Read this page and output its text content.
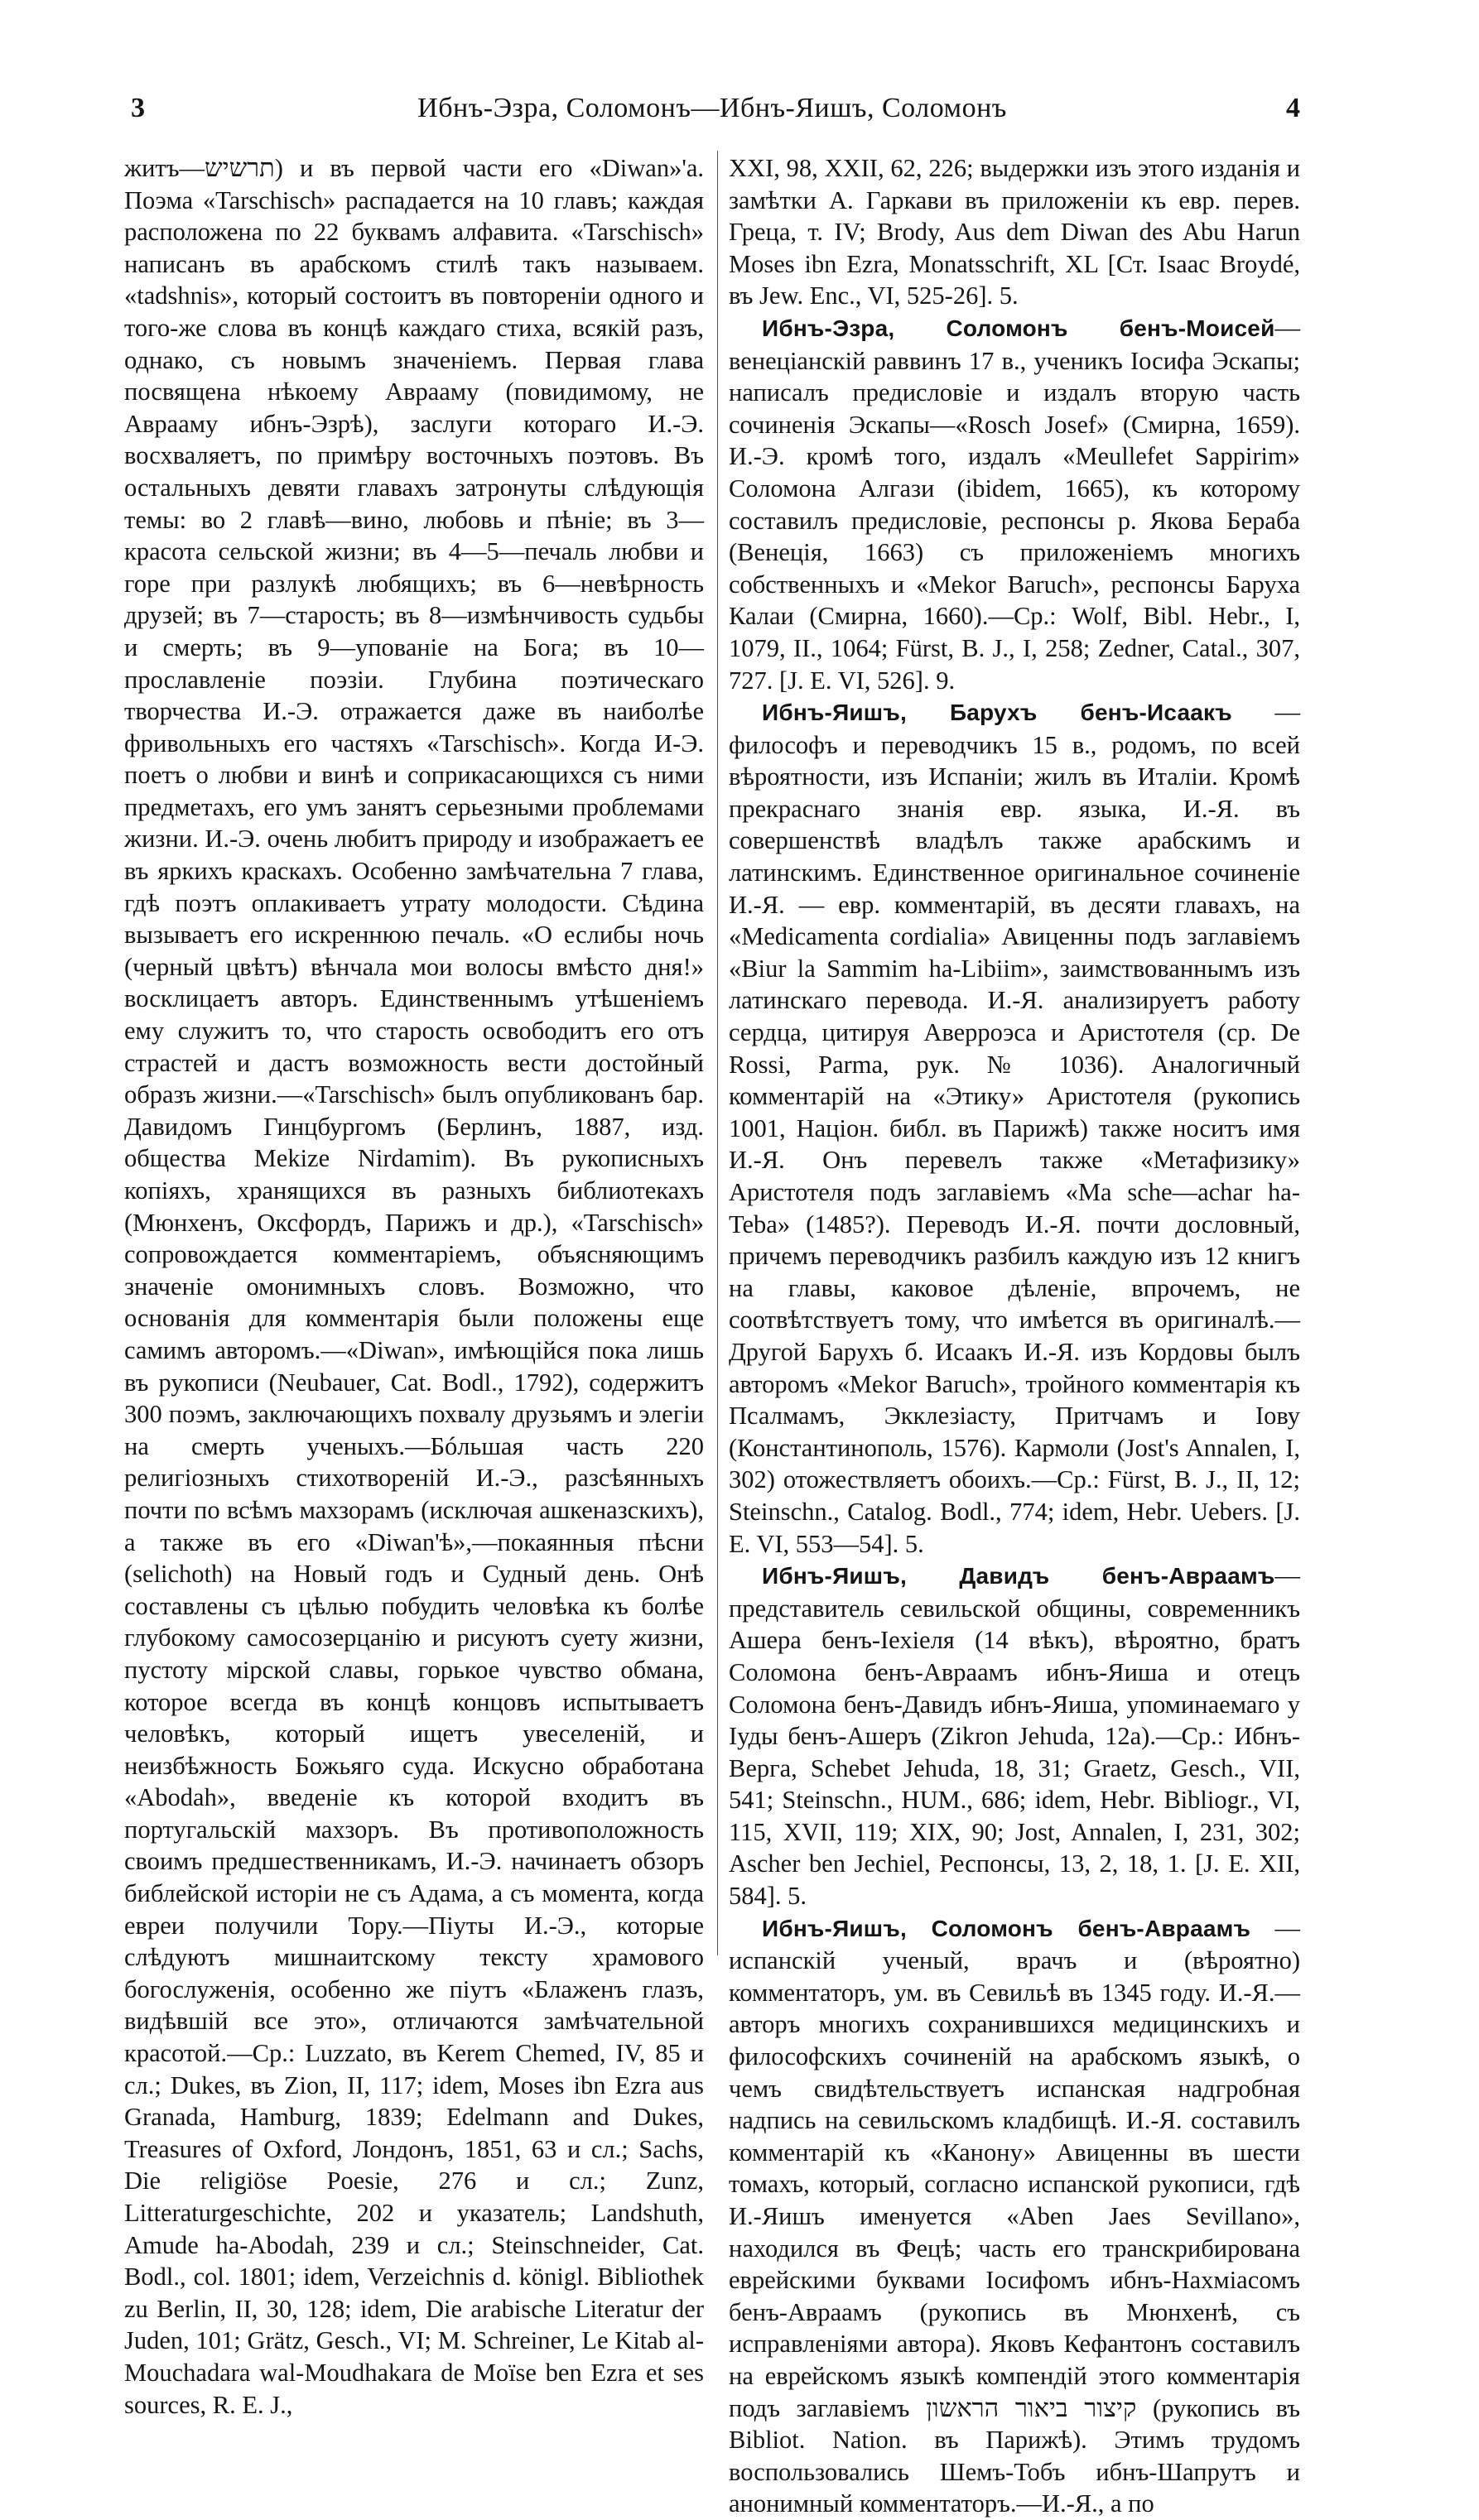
3	Ибнъ-Эзра, Соломонъ—Ибнъ-Яишъ, Соломонъ	4

житъ—תרשיש) и въ первой части его «Diwan»'а. Поэма «Tarschisch» распадается на 10 главъ; каждая расположена по 22 буквамъ алфавита. «Tarschisch» написанъ въ арабскомъ стилѣ такъ называем. «tadshnis», который состоитъ въ повтореніи одного и того-же слова въ концѣ каждаго стиха, всякій разъ, однако, съ новымъ значеніемъ. Первая глава посвящена нѣкоему Аврааму (повидимому, не Аврааму ибнъ-Эзрѣ), заслуги котораго И.-Э. восхваляетъ, по примѣру восточныхъ поэтовъ. Въ остальныхъ девяти главахъ затронуты слѣдующія темы: во 2 главѣ—вино, любовь и пѣніе; въ 3—красота сельской жизни; въ 4—5—печаль любви и горе при разлукѣ любящихъ; въ 6—невѣрность друзей; въ 7—старость; въ 8—измѣнчивость судьбы и смерть; въ 9—упованіе на Бога; въ 10—прославленіе поэзіи. Глубина поэтическаго творчества И.-Э. отражается даже въ наиболѣе фривольныхъ его частяхъ «Tarschisch». Когда И-Э. поетъ о любви и винѣ и соприкасающихся съ ними предметахъ, его умъ занятъ серьезными проблемами жизни. И.-Э. очень любитъ природу и изображаетъ ее въ яркихъ краскахъ. Особенно замѣчательна 7 глава, гдѣ поэтъ оплакиваетъ утрату молодости. Сѣдина вызываетъ его искреннюю печаль. «О еслибы ночь (черный цвѣтъ) вѣнчала мои волосы вмѣсто дня!» восклицаетъ авторъ. Единственнымъ утѣшеніемъ ему служитъ то, что старость освободитъ его отъ страстей и дастъ возможность вести достойный образъ жизни.—«Tarschisch» былъ опубликованъ бар. Давидомъ Гинцбургомъ (Берлинъ, 1887, изд. общества Mekize Nirdamim). Въ рукописныхъ копіяхъ, хранящихся въ разныхъ библиотекахъ (Мюнхенъ, Оксфордъ, Парижъ и др.), «Tarschisch» сопровождается комментаріемъ, объясняющимъ значеніе омонимныхъ словъ. Возможно, что основанія для комментарія были положены еще самимъ авторомъ.—«Diwan», имѣющійся пока лишь въ рукописи (Neubauer, Cat. Bodl., 1792), содержитъ 300 поэмъ, заключающихъ похвалу друзьямъ и элегіи на смерть ученыхъ.—Бóльшая часть 220 религіозныхъ стихотвореній И.-Э., разсѣянныхъ почти по всѣмъ махзорамъ (исключая ашкеназскихъ), а также въ его «Diwan'ѣ»,—покаянныя пѣсни (selichoth) на Новый годъ и Судный день. Онѣ составлены съ цѣлью побудить человѣка къ болѣе глубокому самосозерцанію и рисуютъ суету жизни, пустоту мірской славы, горькое чувство обмана, которое всегда въ концѣ концовъ испытываетъ человѣкъ, который ищетъ увеселеній, и неизбѣжность Божьяго суда. Искусно обработана «Abodah», введеніе къ которой входитъ въ португальскій махзоръ. Въ противоположность своимъ предшественникамъ, И.-Э. начинаетъ обзоръ библейской исторіи не съ Адама, а съ момента, когда евреи получили Тору.—Піуты И.-Э., которые слѣдуютъ мишнаитскому тексту храмового богослуженія, особенно же піутъ «Блаженъ глазъ, видѣвшій все это», отличаются замѣчательной красотой.—Ср.: Luzzato, въ Kerem Chemed, IV, 85 и сл.; Dukes, въ Zion, II, 117; idem, Moses ibn Ezra aus Granada, Hamburg, 1839; Edelmann and Dukes, Treasures of Oxford, Лондонъ, 1851, 63 и сл.; Sachs, Die religiöse Poesie, 276 и сл.; Zunz, Litteraturgeschichte, 202 и указатель; Landshuth, Amude ha-Abodah, 239 и сл.; Steinschneider, Cat. Bodl., col. 1801; idem, Verzeichnis d. königl. Bibliothek zu Berlin, II, 30, 128; idem, Die arabische Literatur der Juden, 101; Grätz, Gesch., VI; M. Schreiner, Le Kitab al-Mouchadara wal-Moudhakara de Moïse ben Ezra et ses sources, R. E. J.,

XXI, 98, XXII, 62, 226; выдержки изъ этого изданія и замѣтки А. Гаркави въ приложеніи къ евр. перев. Греца, т. IV; Brody, Aus dem Diwan des Abu Harun Moses ibn Ezra, Monatsschrift, XL [Ст. Isaac Broydé, въ Jew. Enc., VI, 525-26]. 5.

Ибнъ-Эзра, Соломонъ бенъ-Моисей—венеціанскій раввинъ 17 в., ученикъ Іосифа Эскапы; написалъ предисловіе и издалъ вторую часть сочиненія Эскапы—«Rosch Josef» (Смирна, 1659). И.-Э. кромѣ того, издалъ «Meullefet Sappirim» Соломона Алгази (ibidem, 1665), къ которому составилъ предисловіе, респонсы р. Якова Бераба (Венеція, 1663) съ приложеніемъ многихъ собственныхъ и «Mekor Baruch», респонсы Баруха Калаи (Смирна, 1660).—Ср.: Wolf, Bibl. Hebr., I, 1079, II., 1064; Fürst, B. J., I, 258; Zedner, Catal., 307, 727. [J. E. VI, 526]. 9.

Ибнъ-Яишъ, Барухъ бенъ-Исаакъ — философъ и переводчикъ 15 в., родомъ, по всей вѣроятности, изъ Испаніи; жилъ въ Италіи. Кромѣ прекраснаго знанія евр. языка, И.-Я. въ совершенствѣ владѣлъ также арабскимъ и латинскимъ. Единственное оригинальное сочиненіе И.-Я. — евр. комментарій, въ десяти главахъ, на «Medicamenta cordialia» Авиценны подъ заглавіемъ «Biur la Sammim ha-Libiim», заимствованнымъ изъ латинскаго перевода. И.-Я. анализируетъ работу сердца, цитируя Аверроэса и Аристотеля (ср. De Rossi, Parma, рук. № 1036). Аналогичный комментарій на «Этику» Аристотеля (рукопись 1001, Націон. библ. въ Парижѣ) также носитъ имя И.-Я. Онъ перевелъ также «Метафизику» Аристотеля подъ заглавіемъ «Ma sche—achar ha-Teba» (1485?). Переводъ И.-Я. почти дословный, причемъ переводчикъ разбилъ каждую изъ 12 книгъ на главы, каковое дѣленіе, впрочемъ, не соотвѣтствуетъ тому, что имѣется въ оригиналѣ.—Другой Барухъ б. Исаакъ И.-Я. изъ Кордовы былъ авторомъ «Mekor Baruch», тройного комментарія къ Псалмамъ, Экклезіасту, Притчамъ и Іову (Константинополь, 1576). Кармоли (Jost's Annalen, I, 302) отожествляетъ обоихъ.—Ср.: Fürst, B. J., II, 12; Steinschn., Catalog. Bodl., 774; idem, Hebr. Uebers. [J. E. VI, 553—54]. 5.

Ибнъ-Яишъ, Давидъ бенъ-Авраамъ—представитель севильской общины, современникъ Ашера бенъ-Іехіеля (14 вѣкъ), вѣроятно, братъ Соломона бенъ-Авраамъ ибнъ-Яиша и отецъ Соломона бенъ-Давидъ ибнъ-Яиша, упоминаемаго у Іуды бенъ-Ашеръ (Zikron Jehuda, 12а).—Ср.: Ибнъ-Верга, Schebet Jehuda, 18, 31; Graetz, Gesch., VII, 541; Steinschn., HUM., 686; idem, Hebr. Bibliogr., VI, 115, XVII, 119; XIX, 90; Jost, Annalen, I, 231, 302; Ascher ben Jechiel, Респонсы, 13, 2, 18, 1. [J. E. XII, 584]. 5.

Ибнъ-Яишъ, Соломонъ бенъ-Авраамъ — испанскій ученый, врачъ и (вѣроятно) комментаторъ, ум. въ Севильѣ въ 1345 году. И.-Я.—авторъ многихъ сохранившихся медицинскихъ и философскихъ сочиненій на арабскомъ языкѣ, о чемъ свидѣтельствуетъ испанская надгробная надпись на севильскомъ кладбищѣ. И.-Я. составилъ комментарій къ «Канону» Авиценны въ шести томахъ, который, согласно испанской рукописи, гдѣ И.-Яишъ именуется «Aben Jaes Sevillano», находился въ Фецѣ; часть его транскрибирована еврейскими буквами Іосифомъ ибнъ-Нахміасомъ бенъ-Авраамъ (рукопись въ Мюнхенѣ, съ исправленіями автора). Яковъ Кефантонъ составилъ на еврейскомъ языкѣ компендій этого комментарія подъ заглавіемъ קיצור ביאור הראשון (рукопись въ Bibliot. Nation. въ Парижѣ). Этимъ трудомъ воспользовались Шемъ-Тобъ ибнъ-Шапрутъ и анонимный комментаторъ.—И.-Я., а по
